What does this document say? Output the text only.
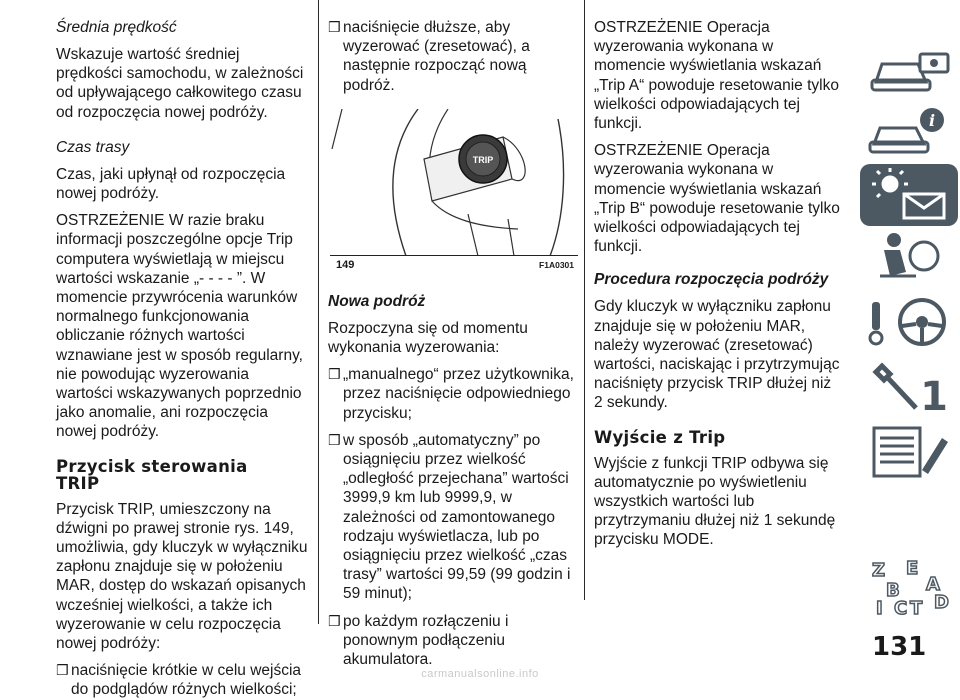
Średnia prędkość

Wskazuje wartość średniej prędkości samochodu, w zależności od upływającego całkowitego czasu od rozpoczęcia nowej podróży.

Czas trasy

Czas, jaki upłynął od rozpoczęcia nowej podróży.

OSTRZEŻENIE W razie braku informacji poszczególne opcje Trip computera wyświetlają w miejscu wartości wskazanie „- - - - ”. W momencie przywrócenia warunków normalnego funkcjonowania obliczanie różnych wartości wznawiane jest w sposób regularny, nie powodując wyzerowania wartości wskazywanych poprzednio jako anomalie, ani rozpoczęcia nowej podróży.

Przycisk sterowania
TRIP

Przycisk TRIP, umieszczony na dźwigni po prawej stronie rys. 149, umożliwia, gdy kluczyk w wyłączniku zapłonu znajduje się w położeniu MAR, dostęp do wskazań opisanych wcześniej wielkości, a także ich wyzerowanie w celu rozpoczęcia nowej podróży:

❒ naciśnięcie krótkie w celu wejścia do podglądów różnych wielkości;
❒ naciśnięcie dłuższe, aby wyzerować (zresetować), a następnie rozpocząć nową podróż.
TRIP
149	F1A0301

Nowa podróż

Rozpoczyna się od momentu wykonania wyzerowania:

❒ „manualnego“ przez użytkownika, przez naciśnięcie odpowiedniego przycisku;
❒ w sposób „automatyczny” po osiągnięciu przez wielkość „odległość przejechana” wartości 3999,9 km lub 9999,9, w zależności od zamontowanego rodzaju wyświetlacza, lub po osiągnięciu przez wielkość „czas trasy” wartości 99,59 (99 godzin i 59 minut);
❒ po każdym rozłączeniu i ponownym podłączeniu akumulatora.

OSTRZEŻENIE Operacja wyzerowania wykonana w momencie wyświetlania wskazań „Trip A“ powoduje resetowanie tylko wielkości odpowiadających tej funkcji.

OSTRZEŻENIE Operacja wyzerowania wykonana w momencie wyświetlania wskazań „Trip B“ powoduje resetowanie tylko wielkości odpowiadających tej funkcji.

Procedura rozpoczęcia podróży

Gdy kluczyk w wyłączniku zapłonu znajduje się w położeniu MAR, należy wyzerować (zresetować) wartości, naciskając i przytrzymując naciśnięty przycisk TRIP dłużej niż 2 sekundy.

Wyjście z Trip

Wyjście z funkcji TRIP odbywa się automatycznie po wyświetleniu wszystkich wartości lub przytrzymaniu dłużej niż 1 sekundę przycisku MODE.

i
1
Z E
A
B
I C T D
131
carmanualsonline.info
